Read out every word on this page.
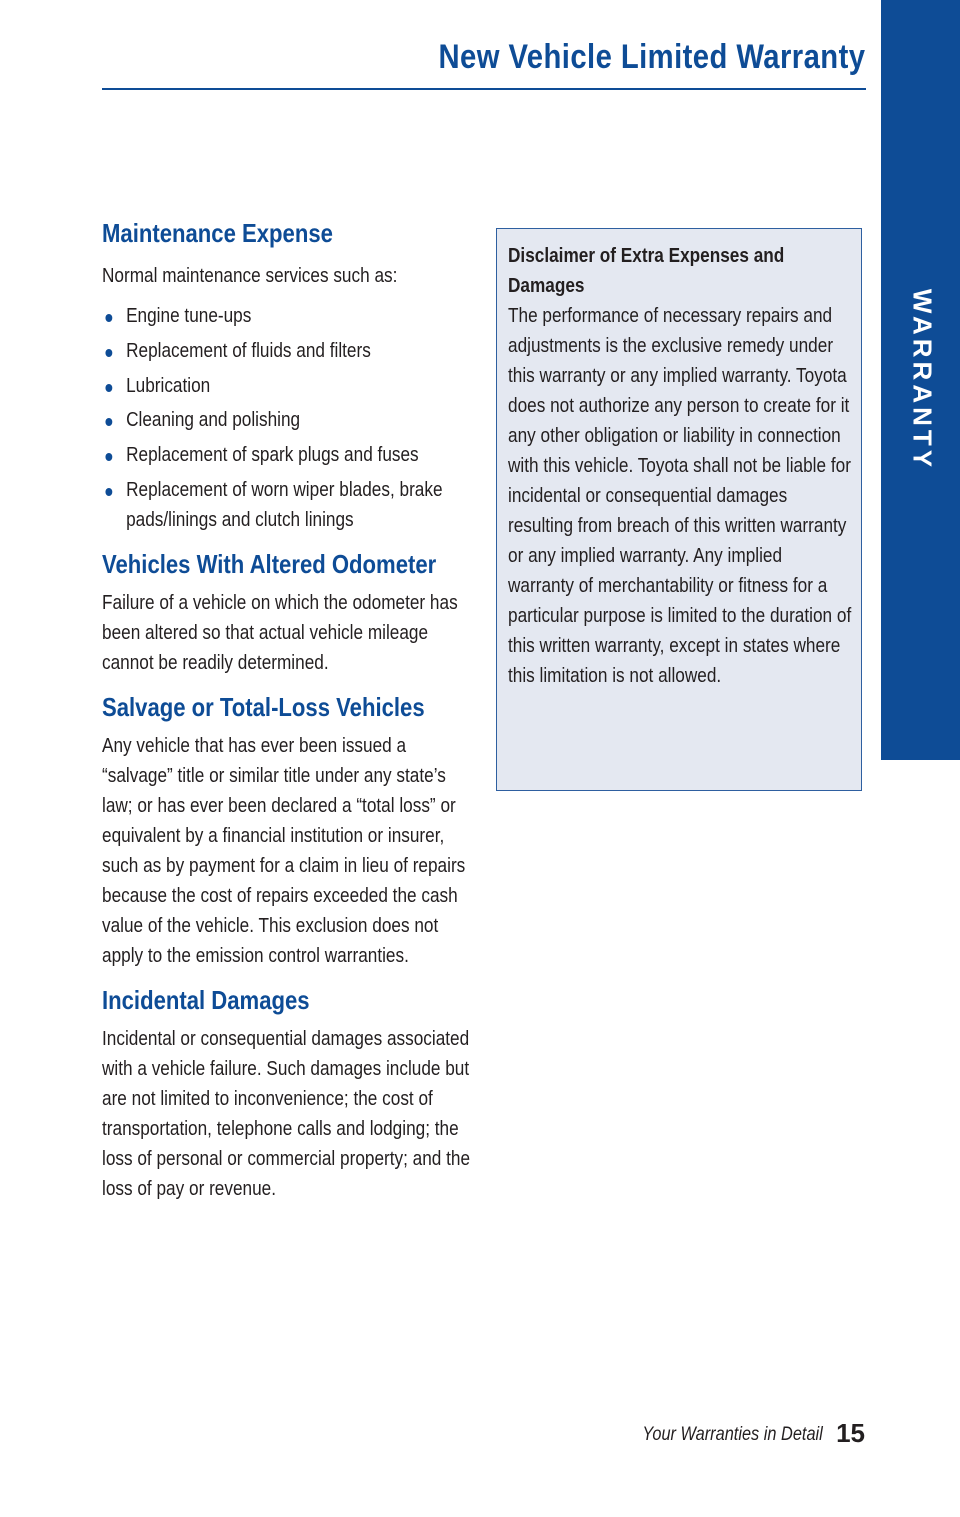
New Vehicle Limited Warranty
WARRANTY
Maintenance Expense

Normal maintenance services such as:

Engine tune-ups
Replacement of fluids and filters
Lubrication
Cleaning and polishing
Replacement of spark plugs and fuses
Replacement of worn wiper blades, brake pads/linings and clutch linings
Vehicles With Altered Odometer

Failure of a vehicle on which the odometer has been altered so that actual vehicle mileage cannot be readily determined.

Salvage or Total-Loss Vehicles

Any vehicle that has ever been issued a “salvage” title or similar title under any state’s law; or has ever been declared a “total loss” or equivalent by a financial institution or insurer, such as by payment for a claim in lieu of repairs because the cost of repairs exceeded the cash value of the vehicle. This exclusion does not apply to the emission control warranties.

Incidental Damages

Incidental or consequential damages associated with a vehicle failure. Such damages include but are not limited to inconvenience; the cost of transportation, telephone calls and lodging; the loss of personal or commercial property; and the loss of pay or revenue.

Disclaimer of Extra Expenses and Damages

The performance of necessary repairs and adjustments is the exclusive remedy under this warranty or any implied warranty. Toyota does not authorize any person to create for it any other obligation or liability in connection with this vehicle. Toyota shall not be liable for incidental or consequential damages resulting from breach of this written warranty or any implied warranty. Any implied warranty of merchantability or fitness for a particular purpose is limited to the duration of this written warranty, except in states where this limitation is not allowed.

Your Warranties in Detail 15
